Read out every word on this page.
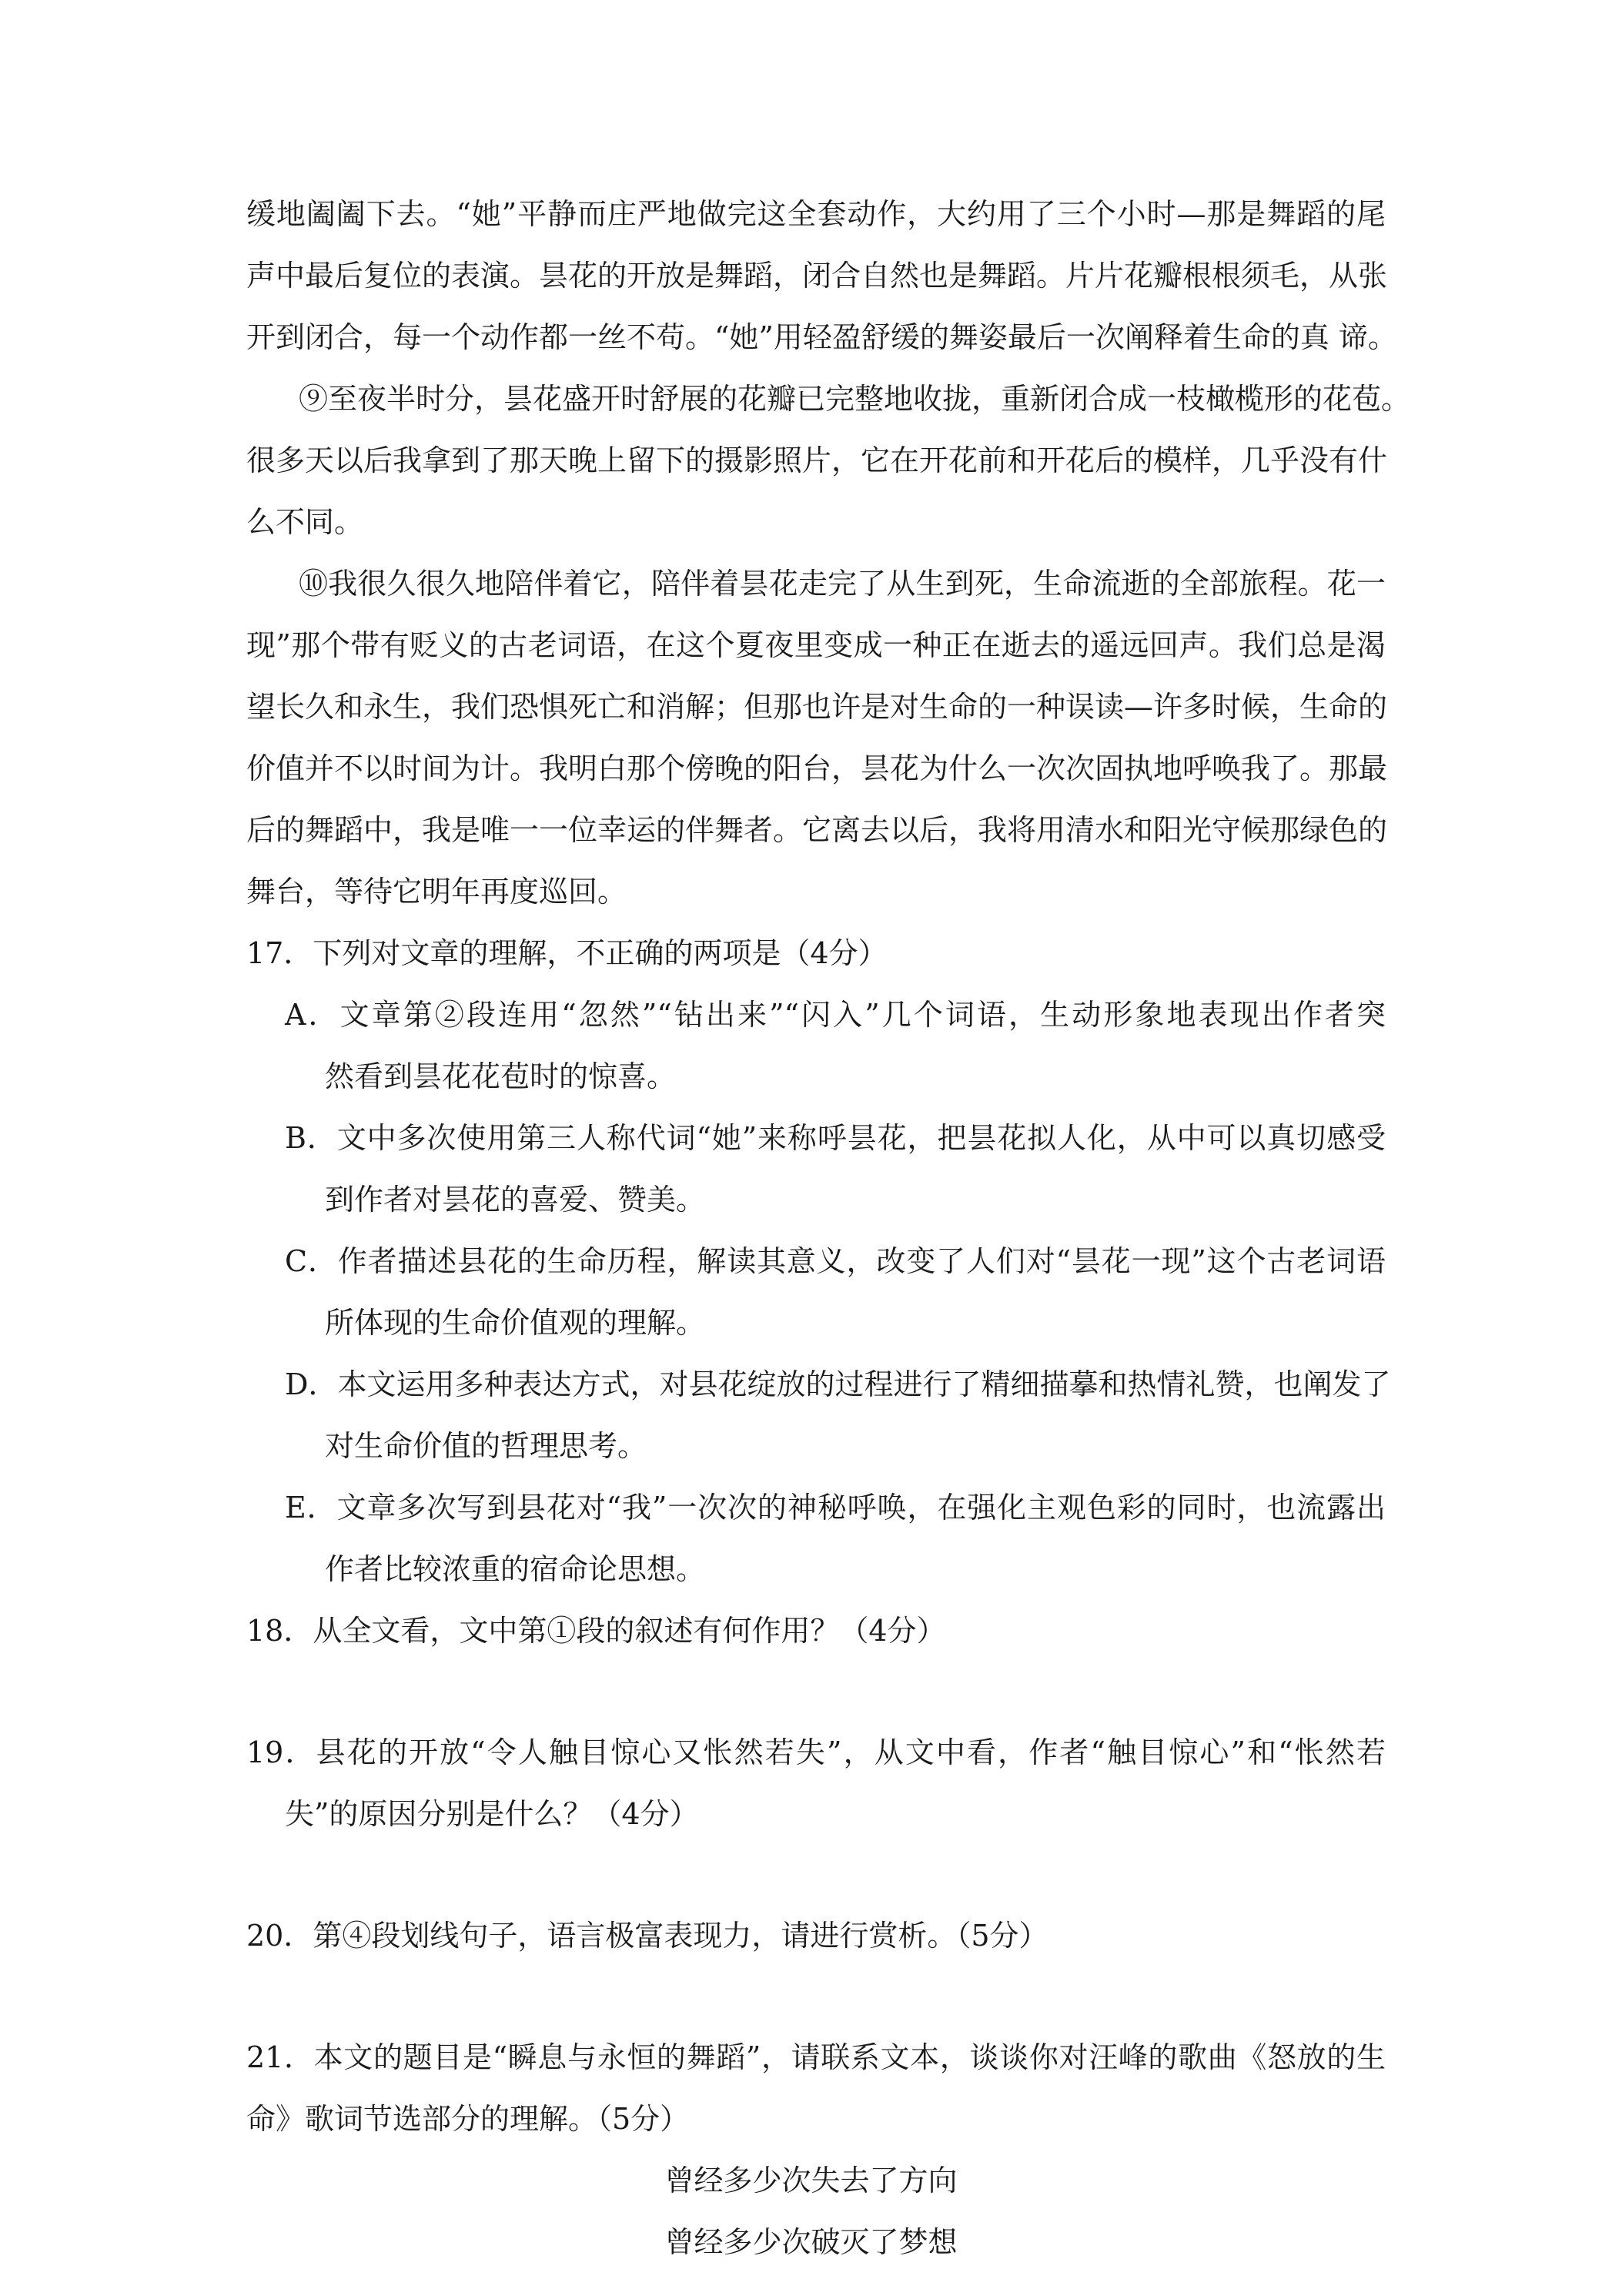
缓地阖阖下去。“她”平静而庄严地做完这全套动作，大约用了三个小时—那是舞蹈的尾
声中最后复位的表演。昙花的开放是舞蹈，闭合自然也是舞蹈。片片花瓣根根须毛，从张
开到闭合，每一个动作都一丝不苟。“她”用轻盈舒缓的舞姿最后一次阐释着生命的真 谛。
⑨至夜半时分，昙花盛开时舒展的花瓣已完整地收拢，重新闭合成一枝橄榄形的花苞。
很多天以后我拿到了那天晚上留下的摄影照片，它在开花前和开花后的模样，几乎没有什
么不同。
⑩我很久很久地陪伴着它，陪伴着昙花走完了从生到死，生命流逝的全部旅程。花一
现”那个带有贬义的古老词语，在这个夏夜里变成一种正在逝去的遥远回声。我们总是渴
望长久和永生，我们恐惧死亡和消解；但那也许是对生命的一种误读—许多时候，生命的
价值并不以时间为计。我明白那个傍晚的阳台，昙花为什么一次次固执地呼唤我了。那最
后的舞蹈中，我是唯一一位幸运的伴舞者。它离去以后，我将用清水和阳光守候那绿色的
舞台，等待它明年再度巡回。
17．下列对文章的理解，不正确的两项是（4分）
A．文章第②段连用“忽然”“钻出来”“闪入”几个词语，生动形象地表现出作者突
然看到昙花花苞时的惊喜。
B．文中多次使用第三人称代词“她”来称呼昙花，把昙花拟人化，从中可以真切感受
到作者对昙花的喜爱、赞美。
C．作者描述县花的生命历程，解读其意义，改变了人们对“昙花一现”这个古老词语
所体现的生命价值观的理解。
D．本文运用多种表达方式，对县花绽放的过程进行了精细描摹和热情礼赞，也阐发了
对生命价值的哲理思考。
E．文章多次写到县花对“我”一次次的神秘呼唤，在强化主观色彩的同时，也流露出
作者比较浓重的宿命论思想。
18．从全文看，文中第①段的叙述有何作用？（4分）
19．县花的开放“令人触目惊心又怅然若失”，从文中看，作者“触目惊心”和“怅然若
失”的原因分别是什么？（4分）
20．第④段划线句子，语言极富表现力，请进行赏析。（5分）
21．本文的题目是“瞬息与永恒的舞蹈”，请联系文本，谈谈你对汪峰的歌曲《怒放的生
命》歌词节选部分的理解。（5分）
曾经多少次失去了方向
曾经多少次破灭了梦想
